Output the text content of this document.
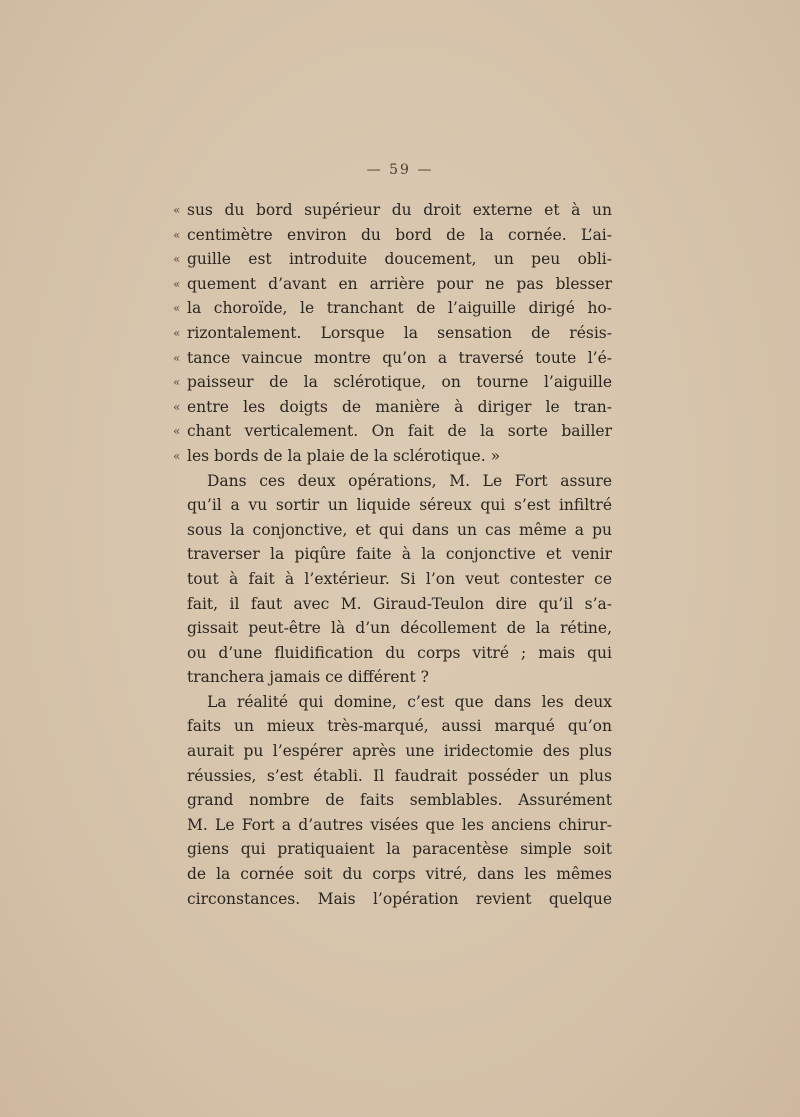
— 59 —
« sus du bord supérieur du droit externe et à un
« centimètre environ du bord de la cornée. L’ai-
« guille est introduite doucement, un peu obli-
« quement d’avant en arrière pour ne pas blesser
« la choroïde, le tranchant de l’aiguille dirigé ho-
« rizontalement. Lorsque la sensation de résis-
« tance vaincue montre qu’on a traversé toute l’é-
« paisseur de la sclérotique, on tourne l’aiguille
« entre les doigts de manière à diriger le tran-
« chant verticalement. On fait de la sorte bailler
« les bords de la plaie de la sclérotique. »
Dans ces deux opérations, M. Le Fort assure
qu’il a vu sortir un liquide séreux qui s’est infiltré
sous la conjonctive, et qui dans un cas même a pu
traverser la piqûre faite à la conjonctive et venir
tout à fait à l’extérieur. Si l’on veut contester ce
fait, il faut avec M. Giraud-Teulon dire qu’il s’a-
gissait peut-être là d’un décollement de la rétine,
ou d’une fluidification du corps vitré ; mais qui
tranchera jamais ce différent ?
La réalité qui domine, c’est que dans les deux
faits un mieux très-marqué, aussi marqué qu’on
aurait pu l’espérer après une iridectomie des plus
réussies, s’est établi. Il faudrait posséder un plus
grand nombre de faits semblables. Assurément
M. Le Fort a d’autres visées que les anciens chirur-
giens qui pratiquaient la paracentèse simple soit
de la cornée soit du corps vitré, dans les mêmes
circonstances. Mais l’opération revient quelque
